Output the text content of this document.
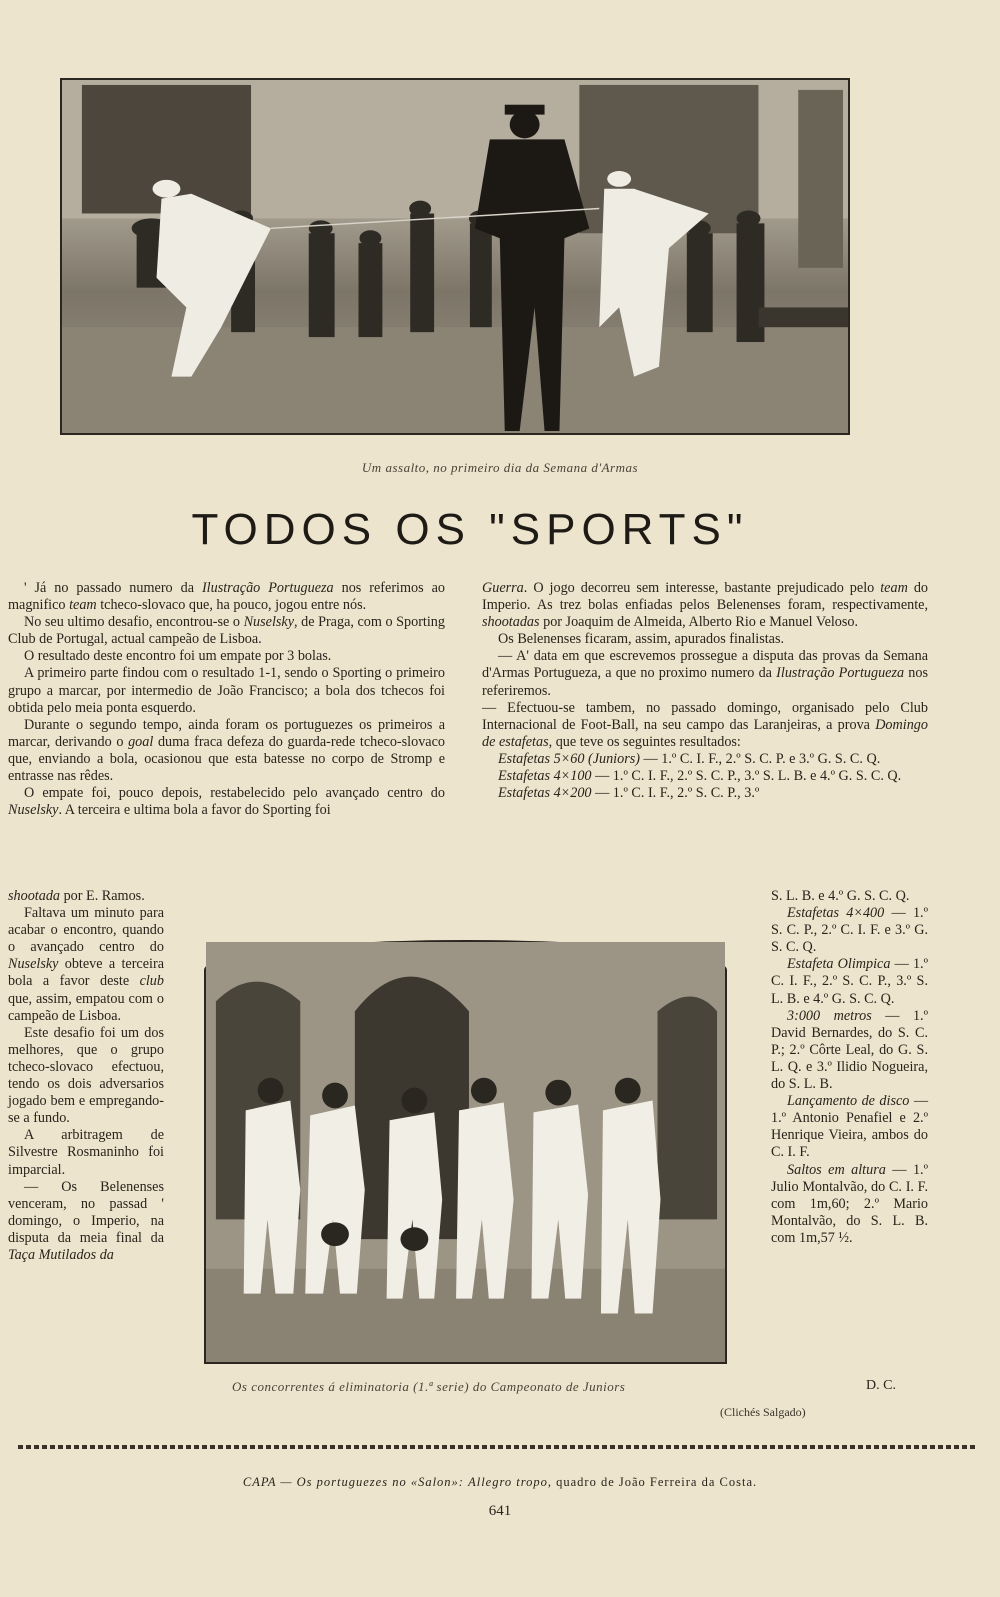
Um assalto, no primeiro dia da Semana d'Armas
TODOS OS "SPORTS"

' Já no passado numero da Ilustração Portugueza nos referimos ao magnifico team tcheco-slovaco que, ha pouco, jogou entre nós.

No seu ultimo desafio, encontrou-se o Nuselsky, de Praga, com o Sporting Club de Portugal, actual campeão de Lisboa.

O resultado deste encontro foi um empate por 3 bolas.

A primeiro parte findou com o resultado 1-1, sendo o Sporting o primeiro grupo a marcar, por intermedio de João Francisco; a bola dos tchecos foi obtida pelo meia ponta esquerdo.

Durante o segundo tempo, ainda foram os portuguezes os primeiros a marcar, derivando o goal duma fraca defeza do guarda-rede tcheco-slovaco que, enviando a bola, ocasionou que esta batesse no corpo de Stromp e entrasse nas rêdes.

O empate foi, pouco depois, restabelecido pelo avançado centro do Nuselsky. A terceira e ultima bola a favor do Sporting foi

shootada por E. Ramos.

Faltava um minuto para acabar o encontro, quando o avançado centro do Nuselsky obteve a terceira bola a favor deste club que, assim, empatou com o campeão de Lisboa.

Este desafio foi um dos melhores, que o grupo tcheco-slovaco efectuou, tendo os dois adversarios jogado bem e empregando-se a fundo.

A arbitragem de Silvestre Rosmaninho foi imparcial.

— Os Belenenses venceram, no passad ' domingo, o Imperio, na disputa da meia final da Taça Mutilados da

Guerra. O jogo decorreu sem interesse, bastante prejudicado pelo team do Imperio. As trez bolas enfiadas pelos Belenenses foram, respectivamente, shootadas por Joaquim de Almeida, Alberto Rio e Manuel Veloso.

Os Belenenses ficaram, assim, apurados finalistas.

— A' data em que escrevemos prossegue a disputa das provas da Semana d'Armas Portugueza, a que no proximo numero da Ilustração Portugueza nos referiremos.

— Efectuou-se tambem, no passado domingo, organisado pelo Club Internacional de Foot-Ball, na seu campo das Laranjeiras, a prova Domingo de estafetas, que teve os seguintes resultados:

Estafetas 5×60 (Juniors) — 1.º C. I. F., 2.º S. C. P. e 3.º G. S. C. Q.

Estafetas 4×100 — 1.º C. I. F., 2.º S. C. P., 3.º S. L. B. e 4.º G. S. C. Q.

Estafetas 4×200 — 1.º C. I. F., 2.º S. C. P., 3.º

S. L. B. e 4.º G. S. C. Q.

Estafetas 4×400 — 1.º S. C. P., 2.º C. I. F. e 3.º G. S. C. Q.

Estafeta Olimpica — 1.º C. I. F., 2.º S. C. P., 3.º S. L. B. e 4.º G. S. C. Q.

3:000 metros — 1.º David Bernardes, do S. C. P.; 2.º Côrte Leal, do G. S. L. Q. e 3.º Ilidio Nogueira, do S. L. B.

Lançamento de disco — 1.º Antonio Penafiel e 2.º Henrique Vieira, ambos do C. I. F.

Saltos em altura — 1.º Julio Montalvão, do C. I. F. com 1m,60; 2.º Mario Montalvão, do S. L. B. com 1m,57 ½.

Os concorrentes á eliminatoria (1.ª serie) do Campeonato de Juniors	D. C.
(Clichés Salgado)
CAPA — Os portuguezes no «Salon»: Allegro tropo, quadro de João Ferreira da Costa.
641
